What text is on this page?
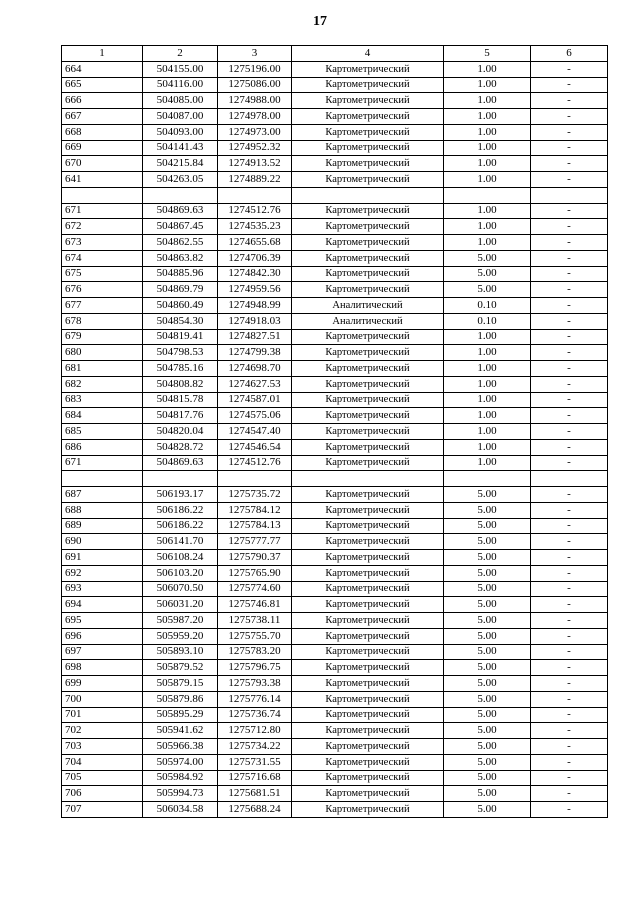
17
1	2	3	4	5	6
664	504155.00	1275196.00	Картометрический	1.00	-
665	504116.00	1275086.00	Картометрический	1.00	-
666	504085.00	1274988.00	Картометрический	1.00	-
667	504087.00	1274978.00	Картометрический	1.00	-
668	504093.00	1274973.00	Картометрический	1.00	-
669	504141.43	1274952.32	Картометрический	1.00	-
670	504215.84	1274913.52	Картометрический	1.00	-
641	504263.05	1274889.22	Картометрический	1.00	-

671	504869.63	1274512.76	Картометрический	1.00	-
672	504867.45	1274535.23	Картометрический	1.00	-
673	504862.55	1274655.68	Картометрический	1.00	-
674	504863.82	1274706.39	Картометрический	5.00	-
675	504885.96	1274842.30	Картометрический	5.00	-
676	504869.79	1274959.56	Картометрический	5.00	-
677	504860.49	1274948.99	Аналитический	0.10	-
678	504854.30	1274918.03	Аналитический	0.10	-
679	504819.41	1274827.51	Картометрический	1.00	-
680	504798.53	1274799.38	Картометрический	1.00	-
681	504785.16	1274698.70	Картометрический	1.00	-
682	504808.82	1274627.53	Картометрический	1.00	-
683	504815.78	1274587.01	Картометрический	1.00	-
684	504817.76	1274575.06	Картометрический	1.00	-
685	504820.04	1274547.40	Картометрический	1.00	-
686	504828.72	1274546.54	Картометрический	1.00	-
671	504869.63	1274512.76	Картометрический	1.00	-

687	506193.17	1275735.72	Картометрический	5.00	-
688	506186.22	1275784.12	Картометрический	5.00	-
689	506186.22	1275784.13	Картометрический	5.00	-
690	506141.70	1275777.77	Картометрический	5.00	-
691	506108.24	1275790.37	Картометрический	5.00	-
692	506103.20	1275765.90	Картометрический	5.00	-
693	506070.50	1275774.60	Картометрический	5.00	-
694	506031.20	1275746.81	Картометрический	5.00	-
695	505987.20	1275738.11	Картометрический	5.00	-
696	505959.20	1275755.70	Картометрический	5.00	-
697	505893.10	1275783.20	Картометрический	5.00	-
698	505879.52	1275796.75	Картометрический	5.00	-
699	505879.15	1275793.38	Картометрический	5.00	-
700	505879.86	1275776.14	Картометрический	5.00	-
701	505895.29	1275736.74	Картометрический	5.00	-
702	505941.62	1275712.80	Картометрический	5.00	-
703	505966.38	1275734.22	Картометрический	5.00	-
704	505974.00	1275731.55	Картометрический	5.00	-
705	505984.92	1275716.68	Картометрический	5.00	-
706	505994.73	1275681.51	Картометрический	5.00	-
707	506034.58	1275688.24	Картометрический	5.00	-
